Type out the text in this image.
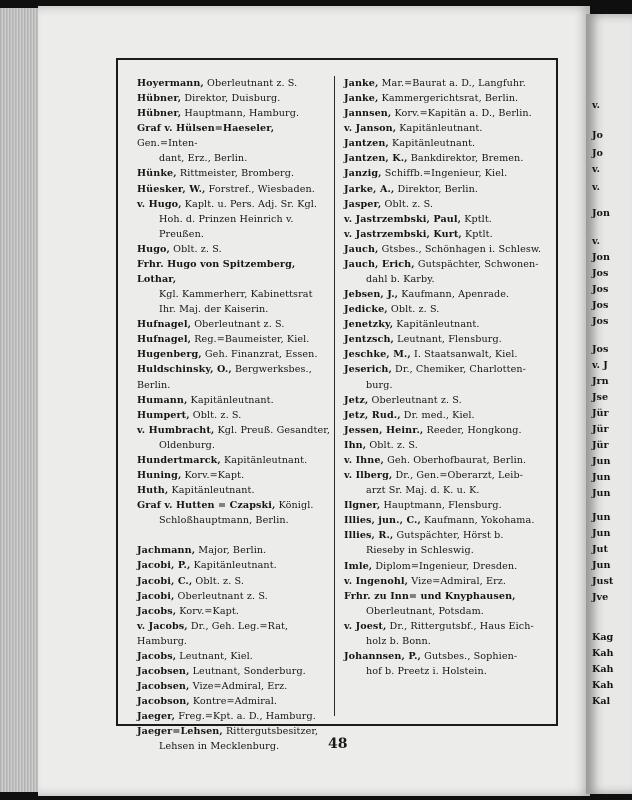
Hoyermann, Oberleutnant z. S.
Hübner, Direktor, Duisburg.
Hübner, Hauptmann, Hamburg.
Graf v. Hülsen=Haeseler, Gen.=Inten-
dant, Erz., Berlin.
Hünke, Rittmeister, Bromberg.
Hüesker, W., Forstref., Wiesbaden.
v. Hugo, Kaplt. u. Pers. Adj. Sr. Kgl.
Hoh. d. Prinzen Heinrich v. Preußen.
Hugo, Oblt. z. S.
Frhr. Hugo von Spitzemberg, Lothar,
Kgl. Kammerherr, Kabinettsrat
Ihr. Maj. der Kaiserin.
Hufnagel, Oberleutnant z. S.
Hufnagel, Reg.=Baumeister, Kiel.
Hugenberg, Geh. Finanzrat, Essen.
Huldschinsky, O., Bergwerksbes., Berlin.
Humann, Kapitänleutnant.
Humpert, Oblt. z. S.
v. Humbracht, Kgl. Preuß. Gesandter,
Oldenburg.
Hundertmarck, Kapitänleutnant.
Huning, Korv.=Kapt.
Huth, Kapitänleutnant.
Graf v. Hutten = Czapski, Königl.
Schloßhauptmann, Berlin.
Jachmann, Major, Berlin.
Jacobi, P., Kapitänleutnant.
Jacobi, C., Oblt. z. S.
Jacobi, Oberleutnant z. S.
Jacobs, Korv.=Kapt.
v. Jacobs, Dr., Geh. Leg.=Rat, Hamburg.
Jacobs, Leutnant, Kiel.
Jacobsen, Leutnant, Sonderburg.
Jacobsen, Vize=Admiral, Erz.
Jacobson, Kontre=Admiral.
Jaeger, Freg.=Kpt. a. D., Hamburg.
Jaeger=Lehsen, Rittergutsbesitzer,
Lehsen in Mecklenburg.
Janke, Mar.=Baurat a. D., Langfuhr.
Janke, Kammergerichtsrat, Berlin.
Jannsen, Korv.=Kapitän a. D., Berlin.
v. Janson, Kapitänleutnant.
Jantzen, Kapitänleutnant.
Jantzen, K., Bankdirektor, Bremen.
Janzig, Schiffb.=Ingenieur, Kiel.
Jarke, A., Direktor, Berlin.
Jasper, Oblt. z. S.
v. Jastrzembski, Paul, Kptlt.
v. Jastrzembski, Kurt, Kptlt.
Jauch, Gtsbes., Schönhagen i. Schlesw.
Jauch, Erich, Gutspächter, Schwonen-
dahl b. Karby.
Jebsen, J., Kaufmann, Apenrade.
Jedicke, Oblt. z. S.
Jenetzky, Kapitänleutnant.
Jentzsch, Leutnant, Flensburg.
Jeschke, M., I. Staatsanwalt, Kiel.
Jeserich, Dr., Chemiker, Charlotten-
burg.
Jetz, Oberleutnant z. S.
Jetz, Rud., Dr. med., Kiel.
Jessen, Heinr., Reeder, Hongkong.
Ihn, Oblt. z. S.
v. Ihne, Geh. Oberhofbaurat, Berlin.
v. Ilberg, Dr., Gen.=Oberarzt, Leib-
arzt Sr. Maj. d. K. u. K.
Ilgner, Hauptmann, Flensburg.
Illies, jun., C., Kaufmann, Yokohama.
Illies, R., Gutspächter, Hörst b.
Rieseby in Schleswig.
Imle, Diplom=Ingenieur, Dresden.
v. Ingenohl, Vize=Admiral, Erz.
Frhr. zu Inn= und Knyphausen,
Oberleutnant, Potsdam.
v. Joest, Dr., Rittergutsbf., Haus Eich-
holz b. Bonn.
Johannsen, P., Gutsbes., Sophien-
hof b. Preetz i. Holstein.
48
v.
Jo
Jo
v.
v.
Jon
v.
Jon
Jos
Jos
Jos
Jos
Jos
v. J
Jrn
Jse
Jür
Jür
Jür
Jun
Jun
Jun
Jun
Jun
Jut
Jun
Just
Jve
Kag
Kah
Kah
Kah
Kal
